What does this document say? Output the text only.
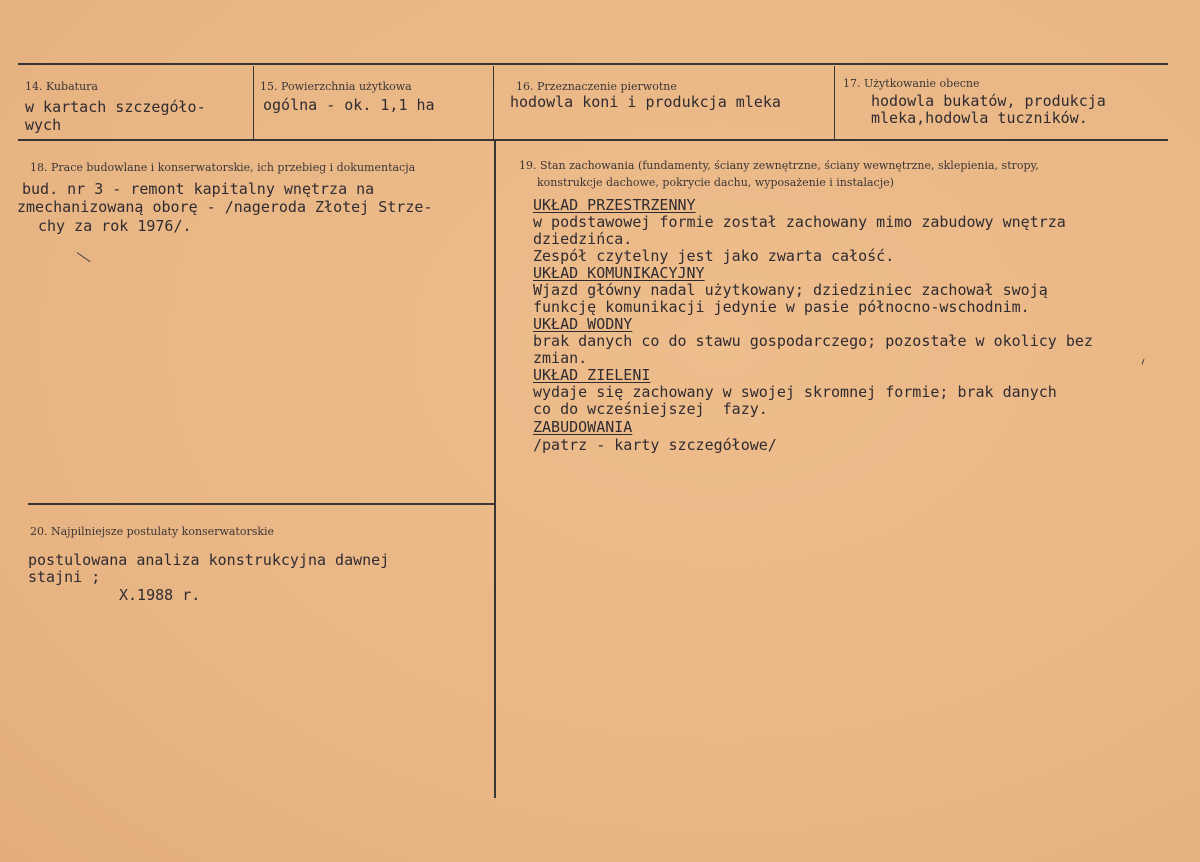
14. Kubatura
w kartach szczegóło-
wych
15. Powierzchnia użytkowa
ogólna - ok. 1,1 ha
16. Przeznaczenie pierwotne
hodowla koni i produkcja mleka
17. Użytkowanie obecne
hodowla bukatów, produkcja
mleka,hodowla tuczników.
18. Prace budowlane i konserwatorskie, ich przebieg i dokumentacja
bud. nr 3 - remont kapitalny wnętrza na
zmechanizowaną oborę - /nageroda Złotej Strze-
chy za rok 1976/.
19. Stan zachowania (fundamenty, ściany zewnętrzne, ściany wewnętrzne, sklepienia, stropy,
konstrukcje dachowe, pokrycie dachu, wyposażenie i instalacje)
UKŁAD PRZESTRZENNY
w podstawowej formie został zachowany mimo zabudowy wnętrza
dziedzińca.
Zespół czytelny jest jako zwarta całość.
UKŁAD KOMUNIKACYJNY
Wjazd główny nadal użytkowany; dziedziniec zachował swoją
funkcję komunikacji jedynie w pasie północno-wschodnim.
UKŁAD WODNY
brak danych co do stawu gospodarczego; pozostałe w okolicy bez
zmian.
UKŁAD ZIELENI
wydaje się zachowany w swojej skromnej formie; brak danych
co do wcześniejszej  fazy.
ZABUDOWANIA
/patrz - karty szczegółowe/
20. Najpilniejsze postulaty konserwatorskie
postulowana analiza konstrukcyjna dawnej
stajni ;
X.1988 r.
